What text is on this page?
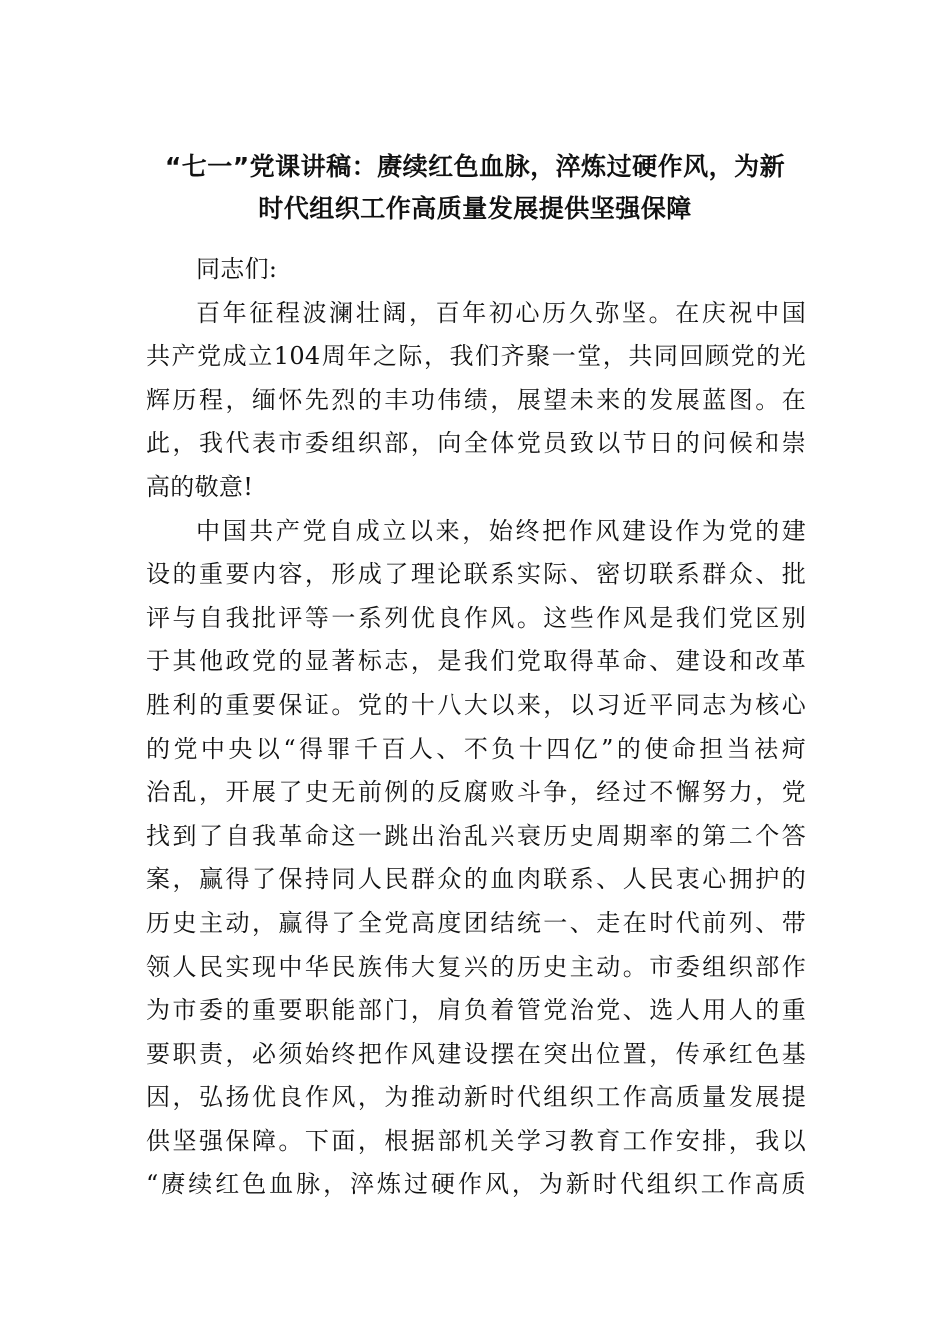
“七一”党课讲稿：赓续红色血脉，淬炼过硬作风，为新
时代组织工作高质量发展提供坚强保障

同志们:

百年征程波澜壮阔，百年初心历久弥坚。在庆祝中国
共产党成立104周年之际，我们齐聚一堂，共同回顾党的光
辉历程，缅怀先烈的丰功伟绩，展望未来的发展蓝图。在
此，我代表市委组织部，向全体党员致以节日的问候和崇
高的敬意!

中国共产党自成立以来，始终把作风建设作为党的建
设的重要内容，形成了理论联系实际、密切联系群众、批
评与自我批评等一系列优良作风。这些作风是我们党区别
于其他政党的显著标志，是我们党取得革命、建设和改革
胜利的重要保证。党的十八大以来，以习近平同志为核心
的党中央以“得罪千百人、不负十四亿”的使命担当祛疴
治乱，开展了史无前例的反腐败斗争，经过不懈努力，党
找到了自我革命这一跳出治乱兴衰历史周期率的第二个答
案，赢得了保持同人民群众的血肉联系、人民衷心拥护的
历史主动，赢得了全党高度团结统一、走在时代前列、带
领人民实现中华民族伟大复兴的历史主动。市委组织部作
为市委的重要职能部门，肩负着管党治党、选人用人的重
要职责，必须始终把作风建设摆在突出位置，传承红色基
因，弘扬优良作风，为推动新时代组织工作高质量发展提
供坚强保障。下面，根据部机关学习教育工作安排，我以
“赓续红色血脉，淬炼过硬作风，为新时代组织工作高质
